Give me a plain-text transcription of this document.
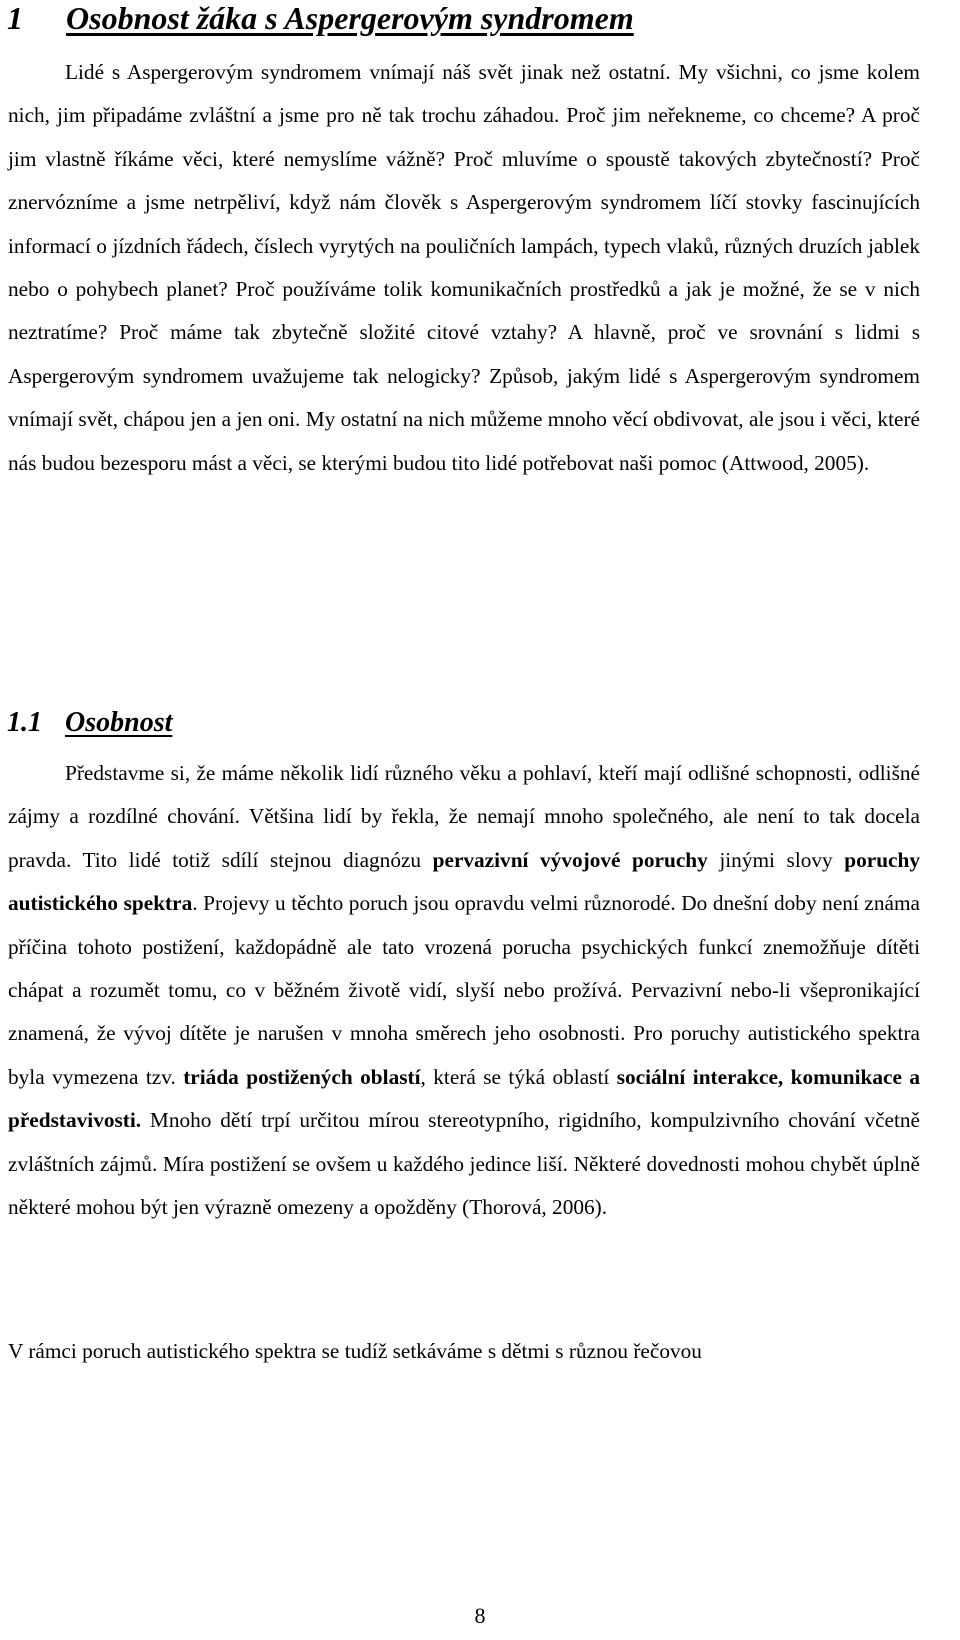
1 Osobnost žáka s Aspergerovým syndromem

Lidé s Aspergerovým syndromem vnímají náš svět jinak než ostatní. My všichni, co jsme kolem nich, jim připadáme zvláštní a jsme pro ně tak trochu záhadou. Proč jim neřekneme, co chceme? A proč jim vlastně říkáme věci, které nemyslíme vážně? Proč mluvíme o spoustě takových zbytečností? Proč znervózníme a jsme netrpěliví, když nám člověk s Aspergerovým syndromem líčí stovky fascinujících informací o jízdních řádech, číslech vyrytých na pouličních lampách, typech vlaků, různých druzích jablek nebo o pohybech planet? Proč používáme tolik komunikačních prostředků a jak je možné, že se v nich neztratíme? Proč máme tak zbytečně složité citové vztahy? A hlavně, proč ve srovnání s lidmi s Aspergerovým syndromem uvažujeme tak nelogicky? Způsob, jakým lidé s Aspergerovým syndromem vnímají svět, chápou jen a jen oni. My ostatní na nich můžeme mnoho věcí obdivovat, ale jsou i věci, které nás budou bezesporu mást a věci, se kterými budou tito lidé potřebovat naši pomoc (Attwood, 2005).

1.1 Osobnost

Představme si, že máme několik lidí různého věku a pohlaví, kteří mají odlišné schopnosti, odlišné zájmy a rozdílné chování. Většina lidí by řekla, že nemají mnoho společného, ale není to tak docela pravda. Tito lidé totiž sdílí stejnou diagnózu pervazivní vývojové poruchy jinými slovy poruchy autistického spektra. Projevy u těchto poruch jsou opravdu velmi různorodé. Do dnešní doby není známa příčina tohoto postižení, každopádně ale tato vrozená porucha psychických funkcí znemožňuje dítěti chápat a rozumět tomu, co v běžném životě vidí, slyší nebo prožívá. Pervazivní nebo-li všepronikající znamená, že vývoj dítěte je narušen v mnoha směrech jeho osobnosti. Pro poruchy autistického spektra byla vymezena tzv. triáda postižených oblastí, která se týká oblastí sociální interakce, komunikace a představivosti. Mnoho dětí trpí určitou mírou stereotypního, rigidního, kompulzivního chování včetně zvláštních zájmů. Míra postižení se ovšem u každého jedince liší. Některé dovednosti mohou chybět úplně některé mohou být jen výrazně omezeny a opožděny (Thorová, 2006).

V rámci poruch autistického spektra se tudíž setkáváme s dětmi s různou řečovou

8
